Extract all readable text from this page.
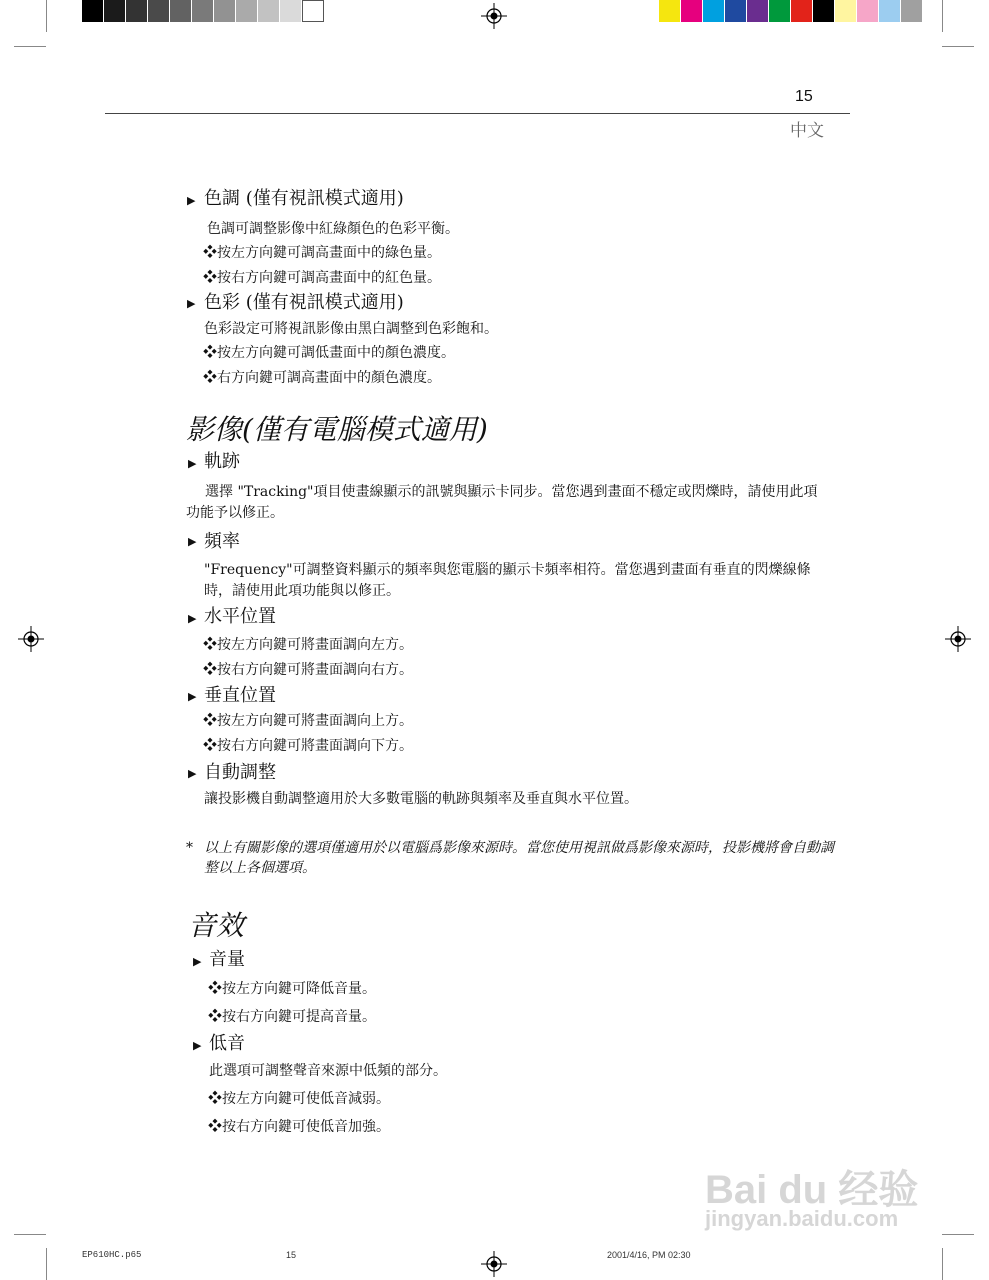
15
中文
▶ 色調 (僅有視訊模式適用)
色調可調整影像中紅綠顏色的色彩平衡。
❖按左方向鍵可調高畫面中的綠色量。
❖按右方向鍵可調高畫面中的紅色量。
▶ 色彩 (僅有視訊模式適用)
色彩設定可將視訊影像由黑白調整到色彩飽和。
❖按左方向鍵可調低畫面中的顏色濃度。
❖右方向鍵可調高畫面中的顏色濃度。
影像(僅有電腦模式適用)
▶ 軌跡
選擇 "Tracking"項目使畫線顯示的訊號與顯示卡同步。當您遇到畫面不穩定或閃爍時，請使用此項功能予以修正。
▶ 頻率
"Frequency"可調整資料顯示的頻率與您電腦的顯示卡頻率相符。當您遇到畫面有垂直的閃爍線條時，請使用此項功能與以修正。
▶ 水平位置
❖按左方向鍵可將畫面調向左方。
❖按右方向鍵可將畫面調向右方。
▶ 垂直位置
❖按左方向鍵可將畫面調向上方。
❖按右方向鍵可將畫面調向下方。
▶ 自動調整
讓投影機自動調整適用於大多數電腦的軌跡與頻率及垂直與水平位置。
* 以上有關影像的選項僅適用於以電腦爲影像來源時。當您使用視訊做爲影像來源時，投影機將會自動調整以上各個選項。
音效
▶ 音量
❖按左方向鍵可降低音量。
❖按右方向鍵可提高音量。
▶ 低音
此選項可調整聲音來源中低頻的部分。
❖按左方向鍵可使低音減弱。
❖按右方向鍵可使低音加強。
Bai du 经验
jingyan.baidu.com
EP610HC.p65	15	2001/4/16, PM 02:30
